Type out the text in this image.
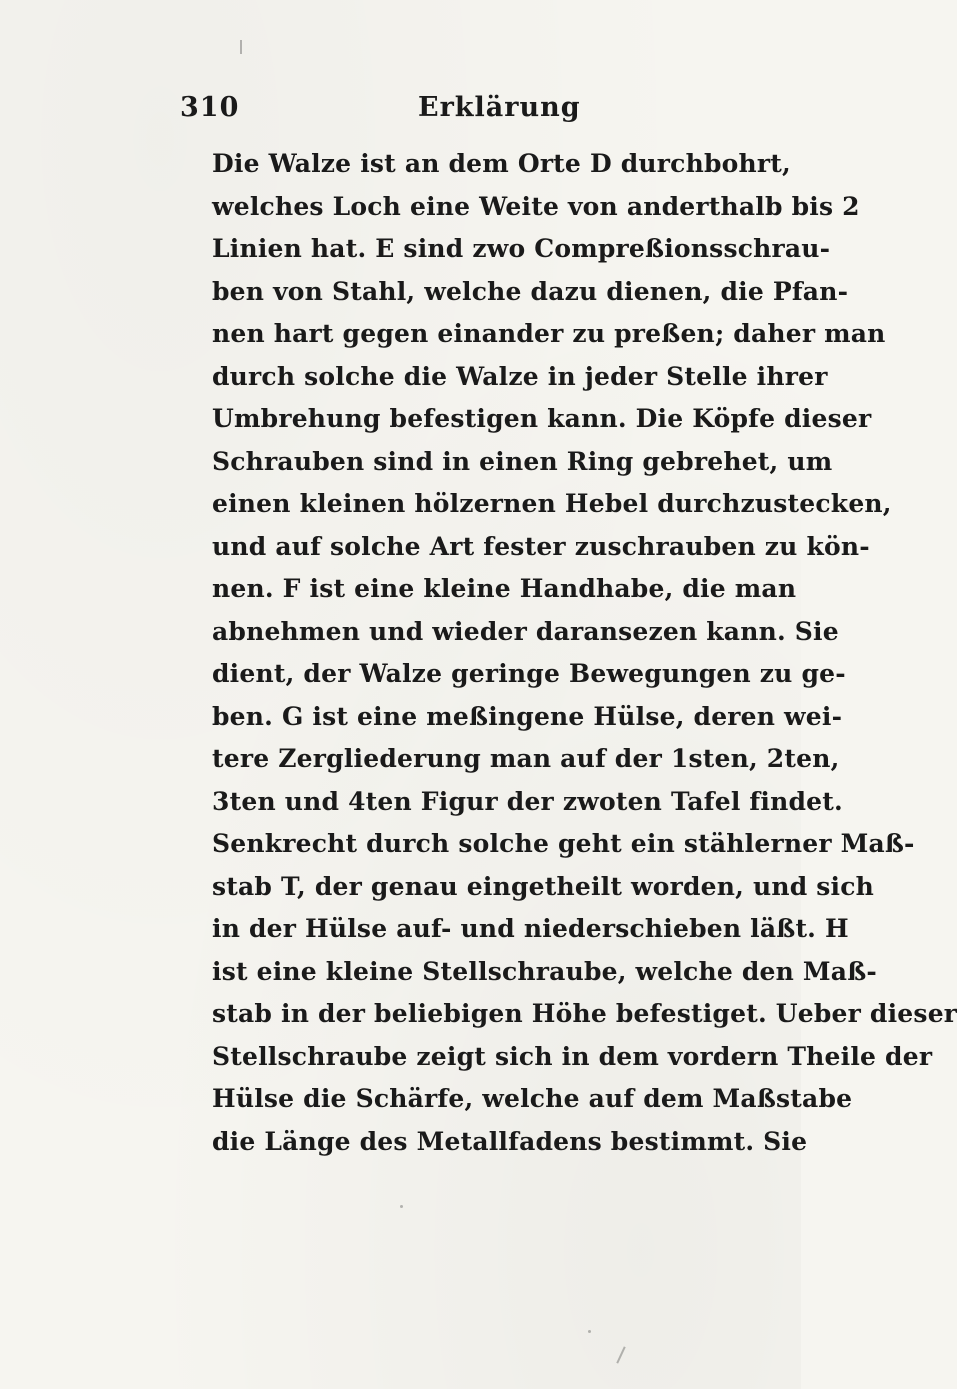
310	Erklärung
Die Walze ist an dem Orte D durchbohrt,
welches Loch eine Weite von anderthalb bis 2
Linien hat. E sind zwo Compreßionsschrau-
ben von Stahl, welche dazu dienen, die Pfan-
nen hart gegen einander zu preßen; daher man
durch solche die Walze in jeder Stelle ihrer
Umbrehung befestigen kann. Die Köpfe dieser
Schrauben sind in einen Ring gebrehet, um
einen kleinen hölzernen Hebel durchzustecken,
und auf solche Art fester zuschrauben zu kön-
nen. F ist eine kleine Handhabe, die man
abnehmen und wieder daransezen kann. Sie
dient, der Walze geringe Bewegungen zu ge-
ben. G ist eine meßingene Hülse, deren wei-
tere Zergliederung man auf der 1sten, 2ten,
3ten und 4ten Figur der zwoten Tafel findet.
Senkrecht durch solche geht ein stählerner Maß-
stab T, der genau eingetheilt worden, und sich
in der Hülse auf- und niederschieben läßt. H
ist eine kleine Stellschraube, welche den Maß-
stab in der beliebigen Höhe befestiget. Ueber dieser
Stellschraube zeigt sich in dem vordern Theile der
Hülse die Schärfe, welche auf dem Maßstabe
die Länge des Metallfadens bestimmt. Sie
